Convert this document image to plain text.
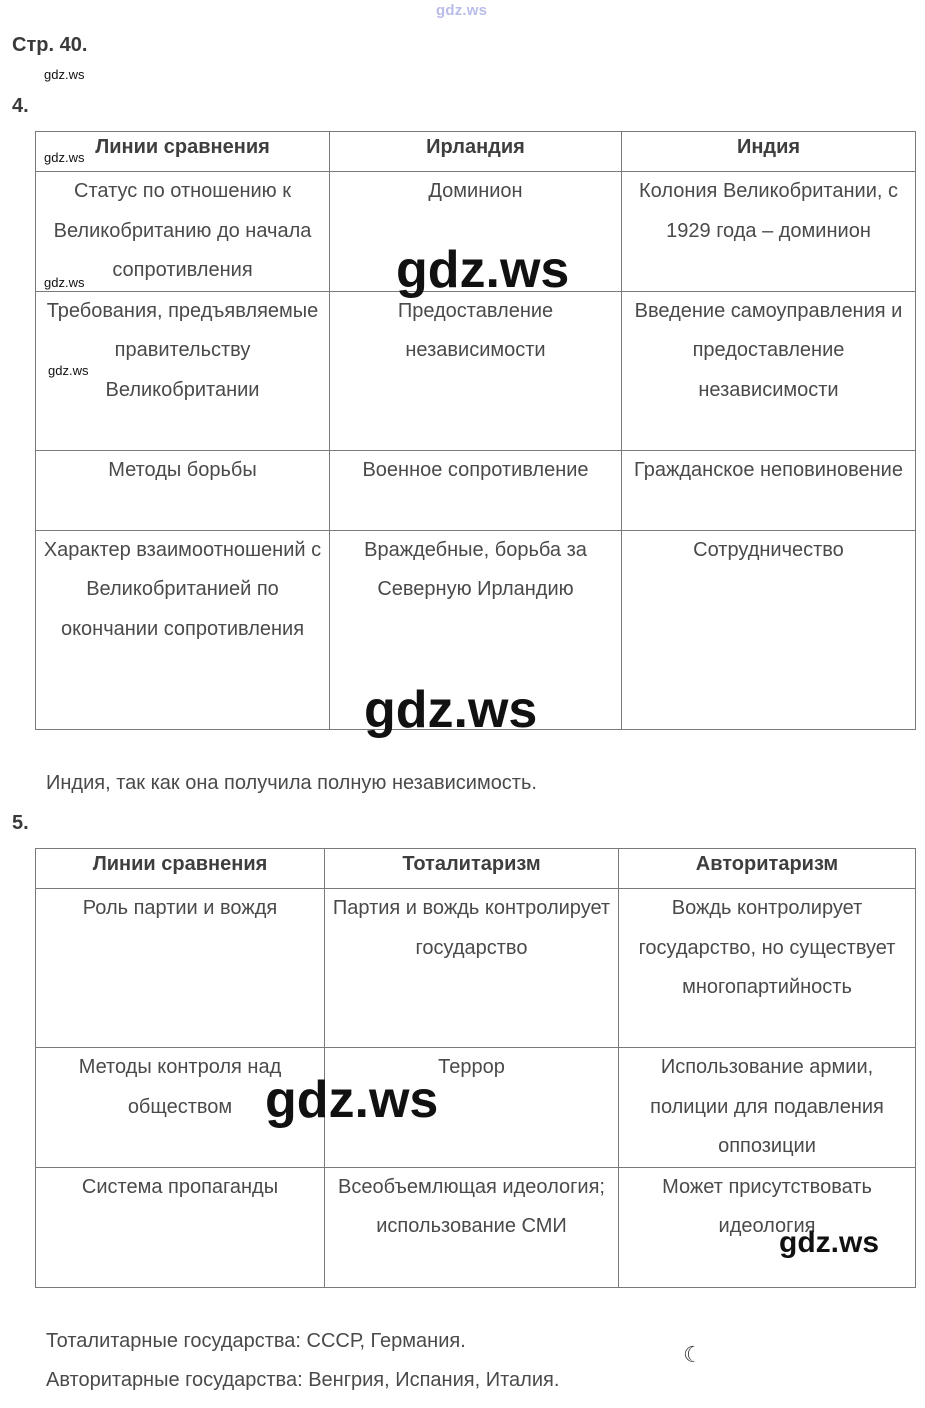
gdz.ws
Стр. 40.
gdz.ws
4.
Линии сравнения	Ирландия	Индия
Статус по отношению к Великобританию до начала сопротивления	Доминион	Колония Великобритании, с 1929 года – доминион
Требования, предъявляемые правительству Великобритании	Предоставление независимости	Введение самоуправления и предоставление независимости
Методы борьбы	Военное сопротивление	Гражданское неповиновение
Характер взаимоотношений с Великобританией по окончании сопротивления	Враждебные, борьба за Северную Ирландию	Сотрудничество
gdz.ws
gdz.ws
gdz.ws
gdz.ws
gdz.ws
Индия, так как она получила полную независимость.
5.
Линии сравнения	Тоталитаризм	Авторитаризм
Роль партии и вождя	Партия и вождь контролирует государство	Вождь контролирует государство, но существует многопартийность
Методы контроля над обществом	Террор	Использование армии, полиции для подавления оппозиции
Система пропаганды	Всеобъемлющая идеология; использование СМИ	Может присутствовать идеология
gdz.ws
gdz.ws
Тоталитарные государства: СССР, Германия.
Авторитарные государства: Венгрия, Испания, Италия.
☾
